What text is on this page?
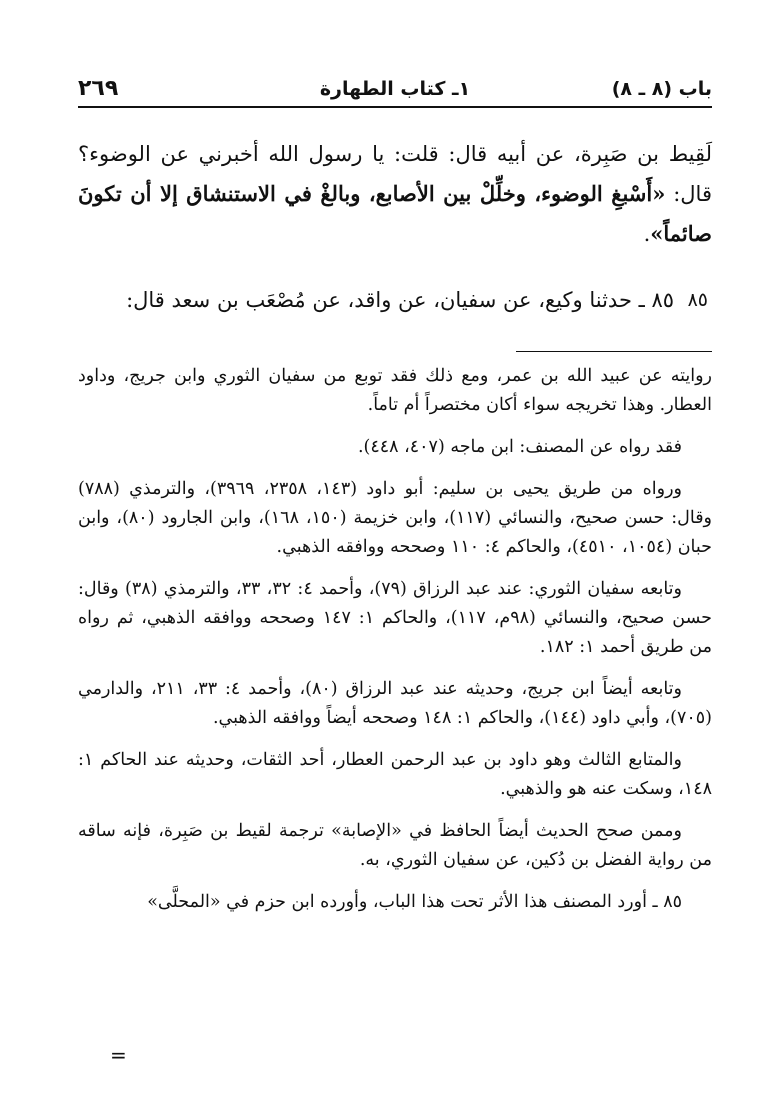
باب (٨ ـ ٨)
١ـ كتاب الطهارة
٢٦٩
لَقِيط بن صَبِرة، عن أبيه قال: قلت: يا رسول الله أخبرني عن الوضوء؟ قال: «أَسْبغِ الوضوء، وخلِّلْ بين الأصابع، وبالغْ في الاستنشاق إلا أن تكونَ صائماً».
٨٥
٨٥ ـ حدثنا وكيع، عن سفيان، عن واقد، عن مُصْعَب بن سعد قال:

روايته عن عبيد الله بن عمر، ومع ذلك فقد توبع من سفيان الثوري وابن جريج، وداود العطار. وهذا تخريجه سواء أكان مختصراً أم تاماً.

فقد رواه عن المصنف: ابن ماجه (٤٠٧، ٤٤٨).

ورواه من طريق يحيى بن سليم: أبو داود (١٤٣، ٢٣٥٨، ٣٩٦٩)، والترمذي (٧٨٨) وقال: حسن صحيح، والنسائي (١١٧)، وابن خزيمة (١٥٠، ١٦٨)، وابن الجارود (٨٠)، وابن حبان (١٠٥٤، ٤٥١٠)، والحاكم ٤: ١١٠ وصححه ووافقه الذهبي.

وتابعه سفيان الثوري: عند عبد الرزاق (٧٩)، وأحمد ٤: ٣٢، ٣٣، والترمذي (٣٨) وقال: حسن صحيح، والنسائي (٩٨م، ١١٧)، والحاكم ١: ١٤٧ وصححه ووافقه الذهبي، ثم رواه من طريق أحمد ١: ١٨٢.

وتابعه أيضاً ابن جريج، وحديثه عند عبد الرزاق (٨٠)، وأحمد ٤: ٣٣، ٢١١، والدارمي (٧٠٥)، وأبي داود (١٤٤)، والحاكم ١: ١٤٨ وصححه أيضاً ووافقه الذهبي.

والمتابع الثالث وهو داود بن عبد الرحمن العطار، أحد الثقات، وحديثه عند الحاكم ١: ١٤٨، وسكت عنه هو والذهبي.

وممن صحح الحديث أيضاً الحافظ في «الإصابة» ترجمة لقيط بن صَبِرة، فإنه ساقه من رواية الفضل بن دُكين، عن سفيان الثوري، به.

٨٥ ـ أورد المصنف هذا الأثر تحت هذا الباب، وأورده ابن حزم في «المحلَّى»

=
